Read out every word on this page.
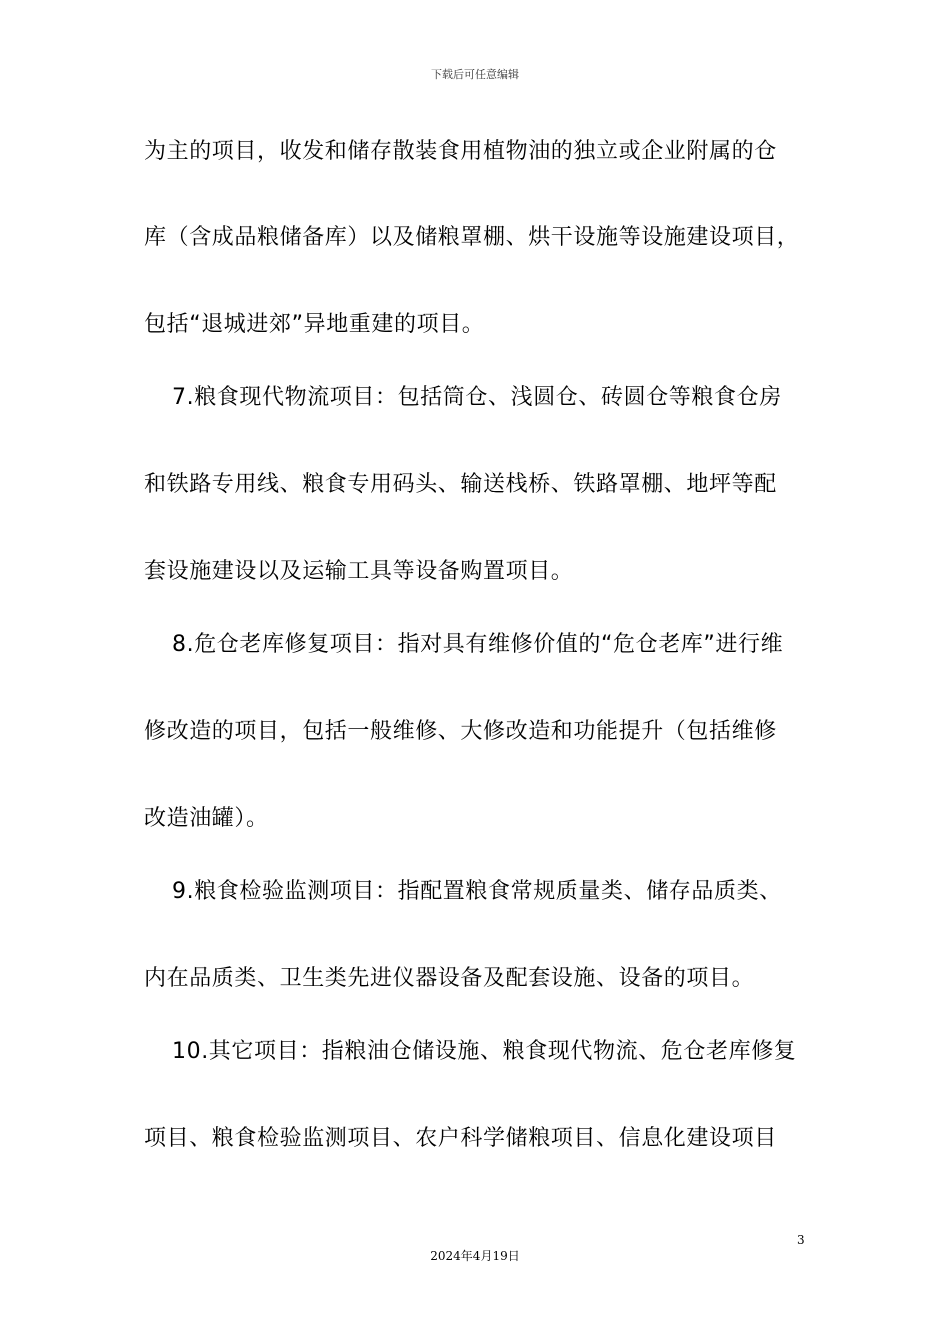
下载后可任意编辑
为主的项目，收发和储存散装食用植物油的独立或企业附属的仓
库（含成品粮储备库）以及储粮罩棚、烘干设施等设施建设项目，
包括“退城进郊”异地重建的项目。
7.粮食现代物流项目：包括筒仓、浅圆仓、砖圆仓等粮食仓房
和铁路专用线、粮食专用码头、输送栈桥、铁路罩棚、地坪等配
套设施建设以及运输工具等设备购置项目。
8.危仓老库修复项目：指对具有维修价值的“危仓老库”进行维
修改造的项目，包括一般维修、大修改造和功能提升（包括维修
改造油罐）。
9.粮食检验监测项目：指配置粮食常规质量类、储存品质类、
内在品质类、卫生类先进仪器设备及配套设施、设备的项目。
10.其它项目：指粮油仓储设施、粮食现代物流、危仓老库修复
项目、粮食检验监测项目、农户科学储粮项目、信息化建设项目
3
2024年4月19日
